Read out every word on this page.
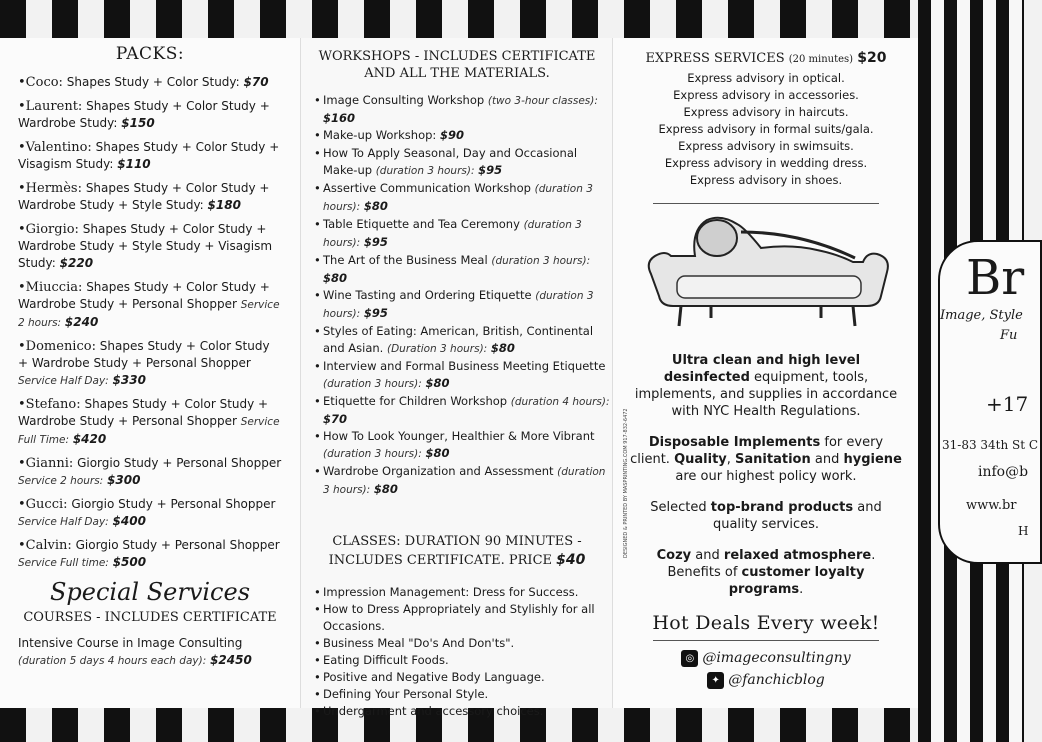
PACKS:
•Coco: Shapes Study + Color Study: $70
•Laurent: Shapes Study + Color Study + Wardrobe Study: $150
•Valentino: Shapes Study + Color Study + Visagism Study: $110
•Hermès: Shapes Study + Color Study + Wardrobe Study + Style Study: $180
•Giorgio: Shapes Study + Color Study + Wardrobe Study + Style Study + Visagism Study: $220
•Miuccia: Shapes Study + Color Study + Wardrobe Study + Personal Shopper Service 2 hours: $240
•Domenico: Shapes Study + Color Study + Wardrobe Study + Personal Shopper Service Half Day: $330
•Stefano: Shapes Study + Color Study + Wardrobe Study + Personal Shopper Service Full Time: $420
•Gianni: Giorgio Study + Personal Shopper Service 2 hours: $300
•Gucci: Giorgio Study + Personal Shopper Service Half Day: $400
•Calvin: Giorgio Study + Personal Shopper Service Full time: $500
Special Services
COURSES - INCLUDES CERTIFICATE
Intensive Course in Image Consulting (duration 5 days 4 hours each day): $2450
WORKSHOPS - INCLUDES CERTIFICATE AND ALL THE MATERIALS.
• Image Consulting Workshop (two 3-hour classes): $160
• Make-up Workshop: $90
• How To Apply Seasonal, Day and Occasional Make-up (duration 3 hours): $95
• Assertive Communication Workshop (duration 3 hours): $80
• Table Etiquette and Tea Ceremony (duration 3 hours): $95
• The Art of the Business Meal (duration 3 hours): $80
• Wine Tasting and Ordering Etiquette (duration 3 hours): $95
• Styles of Eating: American, British, Continental and Asian. (Duration 3 hours): $80
• Interview and Formal Business Meeting Etiquette (duration 3 hours): $80
• Etiquette for Children Workshop (duration 4 hours): $70
• How To Look Younger, Healthier & More Vibrant (duration 3 hours): $80
• Wardrobe Organization and Assessment (duration 3 hours): $80
CLASSES: DURATION 90 MINUTES - INCLUDES CERTIFICATE. PRICE $40
• Impression Management: Dress for Success.
• How to Dress Appropriately and Stylishly for all Occasions.
• Business Meal "Do's And Don'ts".
• Eating Difficult Foods.
• Positive and Negative Body Language.
• Defining Your Personal Style.
• Undergarment and accessory choices.
EXPRESS SERVICES (20 minutes) $20
Express advisory in optical.
Express advisory in accessories.
Express advisory in haircuts.
Express advisory in formal suits/gala.
Express advisory in swimsuits.
Express advisory in wedding dress.
Express advisory in shoes.
Ultra clean and high level desinfected equipment, tools, implements, and supplies in accordance with NYC Health Regulations.
Disposable Implements for every client. Quality, Sanitation and hygiene are our highest policy work.
Selected top-brand products and quality services.
Cozy and relaxed atmosphere. Benefits of customer loyalty programs.
Hot Deals Every week!
◎ @imageconsultingny
✦ @fanchicblog
DESIGNED & PRINTED BY MASPRINTING.COM 917-832-6472
Br
Image, Style
Fu
+17
31-83 34th St C
info@b
www.br
H
